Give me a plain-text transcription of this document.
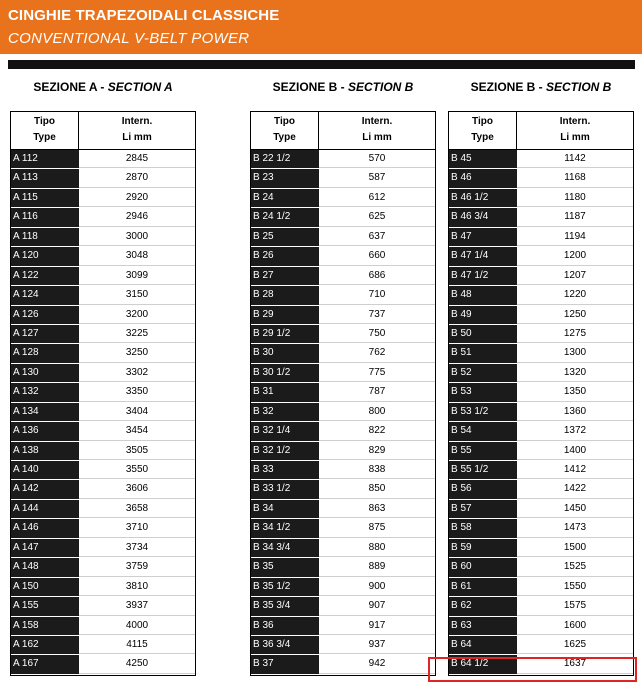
CINGHIE TRAPEZOIDALI CLASSICHE
CONVENTIONAL V-BELT POWER
SEZIONE A - SECTION A	SEZIONE B - SECTION B	SEZIONE B - SECTION B
Tipo
Type
Intern.
Li mm
A 112	2845
A 113	2870
A 115	2920
A 116	2946
A 118	3000
A 120	3048
A 122	3099
A 124	3150
A 126	3200
A 127	3225
A 128	3250
A 130	3302
A 132	3350
A 134	3404
A 136	3454
A 138	3505
A 140	3550
A 142	3606
A 144	3658
A 146	3710
A 147	3734
A 148	3759
A 150	3810
A 155	3937
A 158	4000
A 162	4115
A 167	4250
Tipo
Type
Intern.
Li mm
B 22 1/2	570
B 23	587
B 24	612
B 24 1/2	625
B 25	637
B 26	660
B 27	686
B 28	710
B 29	737
B 29 1/2	750
B 30	762
B 30 1/2	775
B 31	787
B 32	800
B 32 1/4	822
B 32 1/2	829
B 33	838
B 33 1/2	850
B 34	863
B 34 1/2	875
B 34 3/4	880
B 35	889
B 35 1/2	900
B 35 3/4	907
B 36	917
B 36 3/4	937
B 37	942
Tipo
Type
Intern.
Li mm
B 45	1142
B 46	1168
B 46 1/2	1180
B 46 3/4	1187
B 47	1194
B 47 1/4	1200
B 47 1/2	1207
B 48	1220
B 49	1250
B 50	1275
B 51	1300
B 52	1320
B 53	1350
B 53 1/2	1360
B 54	1372
B 55	1400
B 55 1/2	1412
B 56	1422
B 57	1450
B 58	1473
B 59	1500
B 60	1525
B 61	1550
B 62	1575
B 63	1600
B 64	1625
B 64 1/2	1637
